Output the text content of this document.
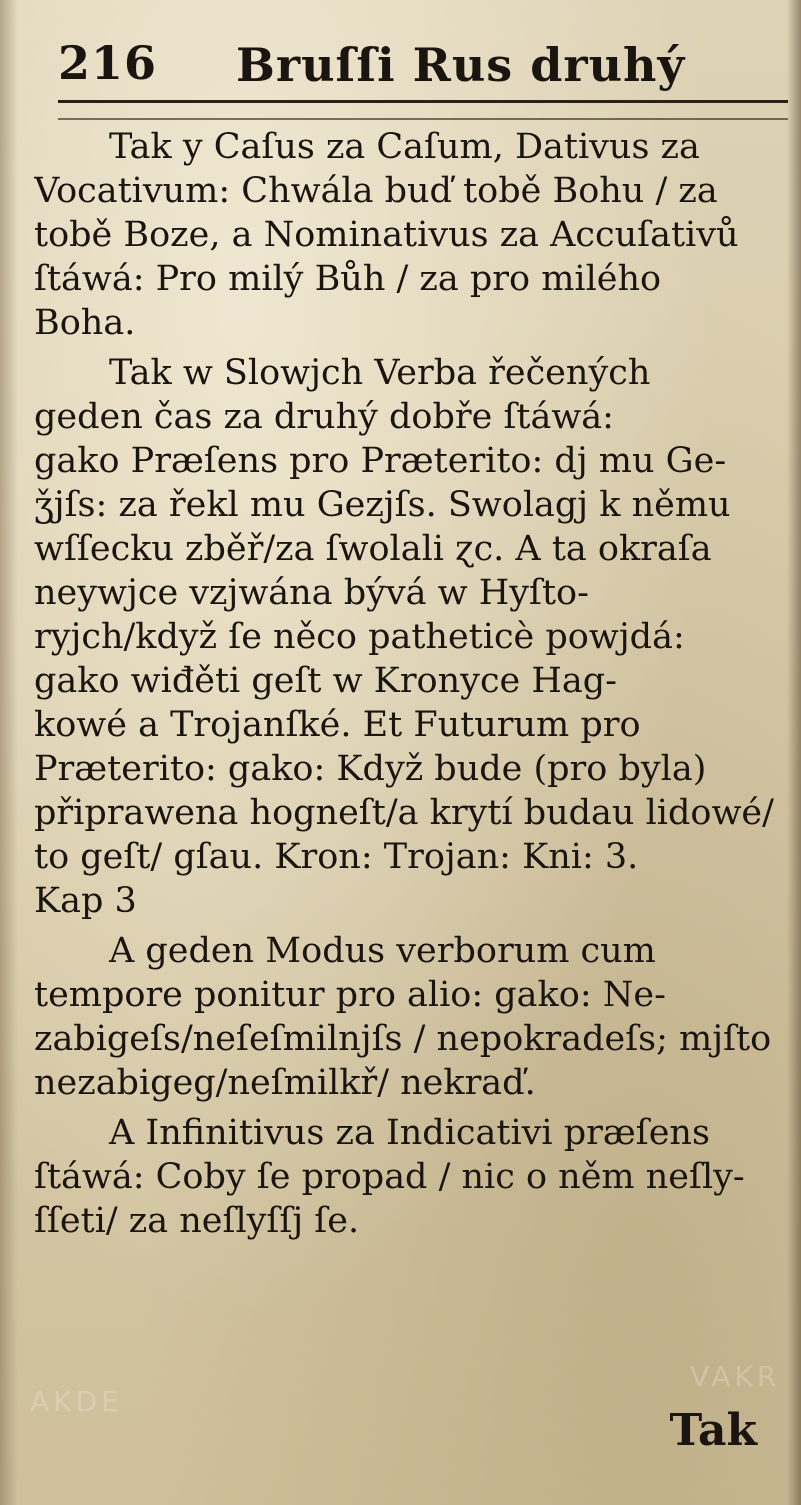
216 Bruſſi Rus druhý
Tak y Caſus za Caſum, Dativus za
Vocativum: Chwála buď tobě Bohu / za
tobě Boze, a Nominativus za Accuſativů
ſtáwá: Pro milý Bůh / za pro milého
Boha.
Tak w Slowjch Verba řečených
geden čas za druhý dobře ſtáwá:
gako Præſens pro Præterito: dj mu Ge-
ǯjſs: za řekl mu Gezjſs. Swolagj k němu
wſſecku zběř/za ſwolali ɀc. A ta okraſa
neywjce vzjwána bývá w Hyſto-
ryjch/když ſe něco patheticè powjdá:
gako wiđěti geſt w Kronyce Hag-
kowé a Trojanſké. Et Futurum pro
Præterito: gako: Když bude (pro byla)
připrawena hogneſt/a krytí budau lidowé/
to geſt/ gſau. Kron: Trojan: Kni: 3.
Kap 3
A geden Modus verborum cum
tempore ponitur pro alio: gako: Ne-
zabigeſs/neſeſmilnjſs / nepokradeſs; mjſto
nezabigeg/neſmilkř/ nekraď.
A Infinitivus za Indicativi præſens
ſtáwá: Coby ſe propad / nic o něm neſly-
ſſeti/ za neſlyſſj ſe.
AKDE
VAKR
Tak
